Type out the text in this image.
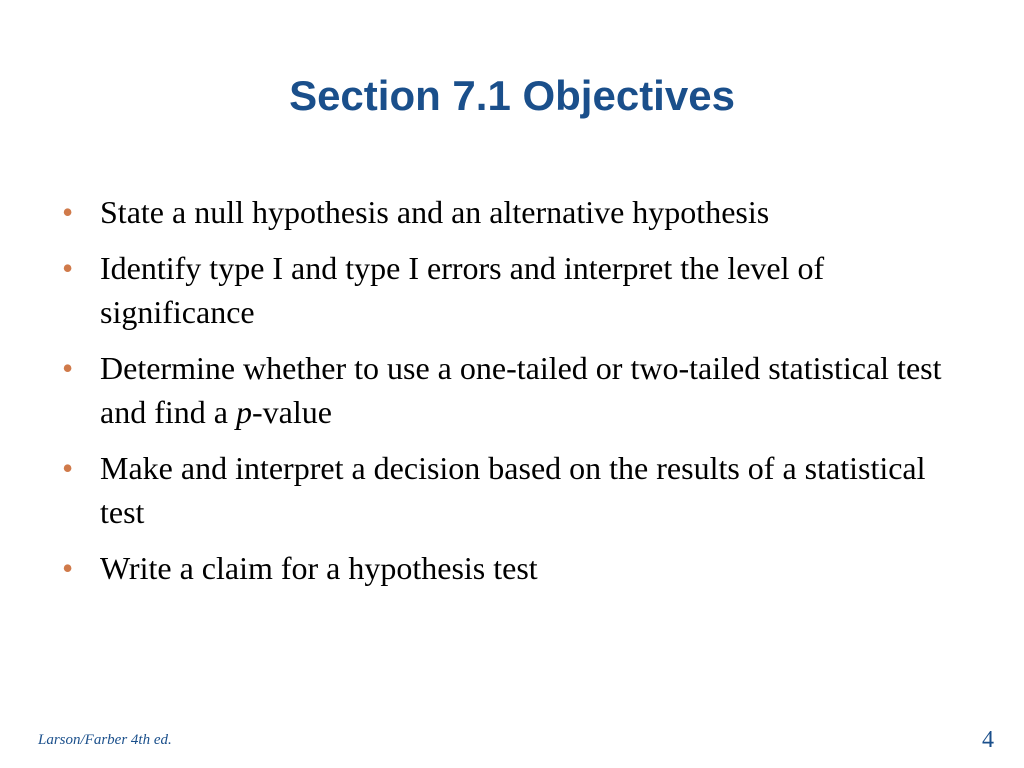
Section 7.1 Objectives
• State a null hypothesis and an alternative hypothesis
• Identify type I and type I errors and interpret the level of significance
• Determine whether to use a one-tailed or two-tailed statistical test and find a p-value
• Make and interpret a decision based on the results of a statistical test
• Write a claim for a hypothesis test
Larson/Farber 4th ed.	4
